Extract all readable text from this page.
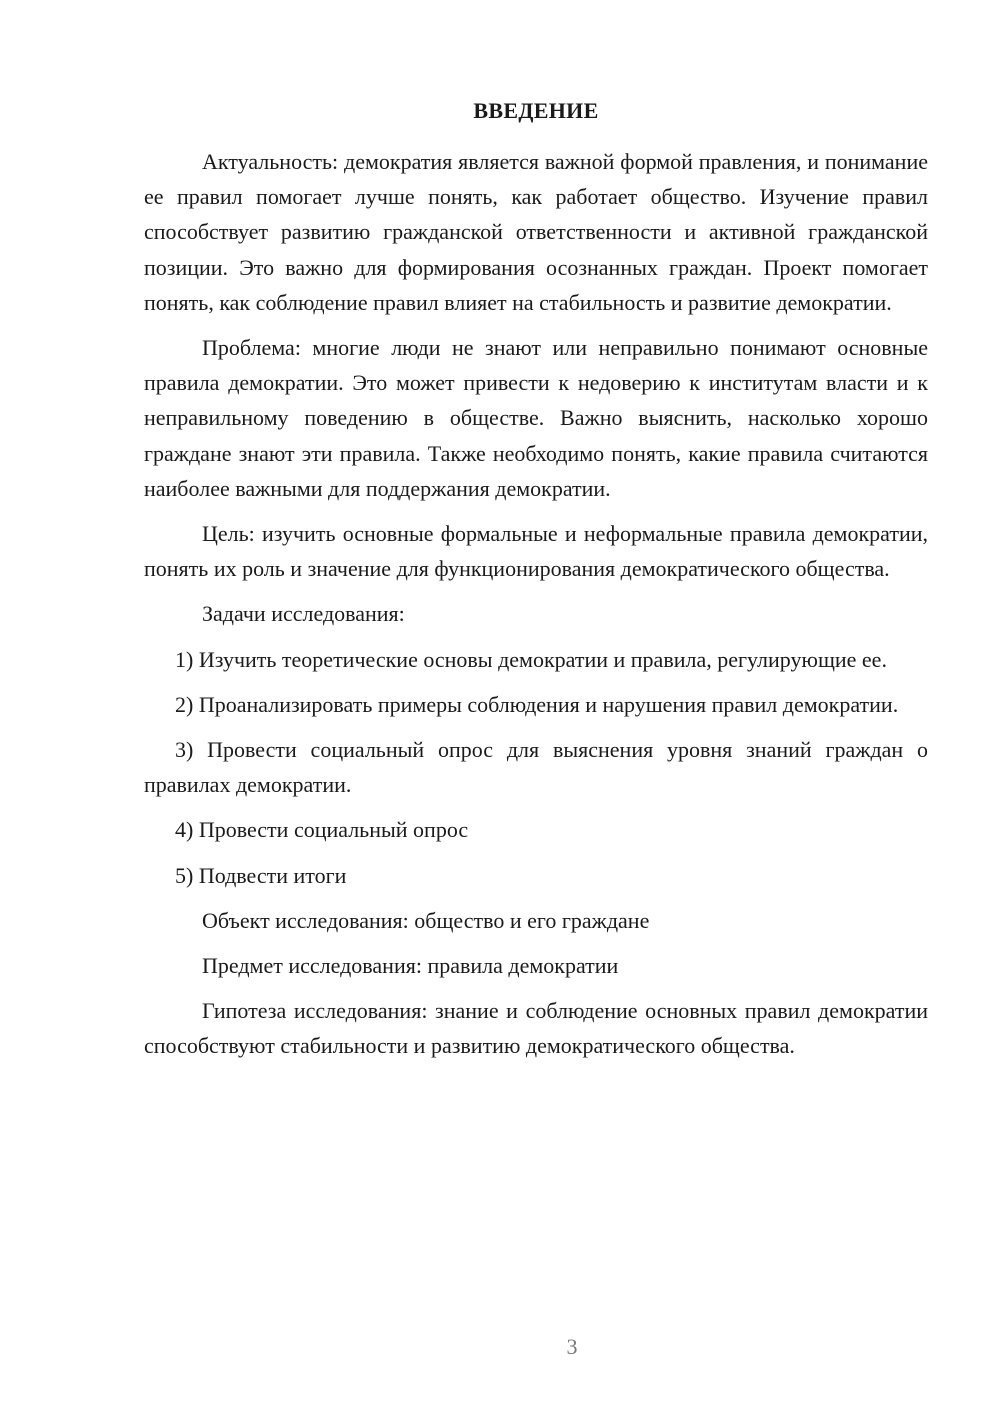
ВВЕДЕНИЕ

Актуальность: демократия является важной формой правления, и понимание ее правил помогает лучше понять, как работает общество. Изучение правил способствует развитию гражданской ответственности и активной гражданской позиции. Это важно для формирования осознанных граждан. Проект помогает понять, как соблюдение правил влияет на стабильность и развитие демократии.

Проблема: многие люди не знают или неправильно понимают основные правила демократии. Это может привести к недоверию к институтам власти и к неправильному поведению в обществе. Важно выяснить, насколько хорошо граждане знают эти правила. Также необходимо понять, какие правила считаются наиболее важными для поддержания демократии.

Цель: изучить основные формальные и неформальные правила демократии, понять их роль и значение для функционирования демократического общества.

Задачи исследования:

1) Изучить теоретические основы демократии и правила, регулирующие ее.

2) Проанализировать примеры соблюдения и нарушения правил демократии.

3) Провести социальный опрос для выяснения уровня знаний граждан о правилах демократии.

4) Провести социальный опрос

5) Подвести итоги

Объект исследования: общество и его граждане

Предмет исследования: правила демократии

Гипотеза исследования: знание и соблюдение основных правил демократии способствуют стабильности и развитию демократического общества.

3
